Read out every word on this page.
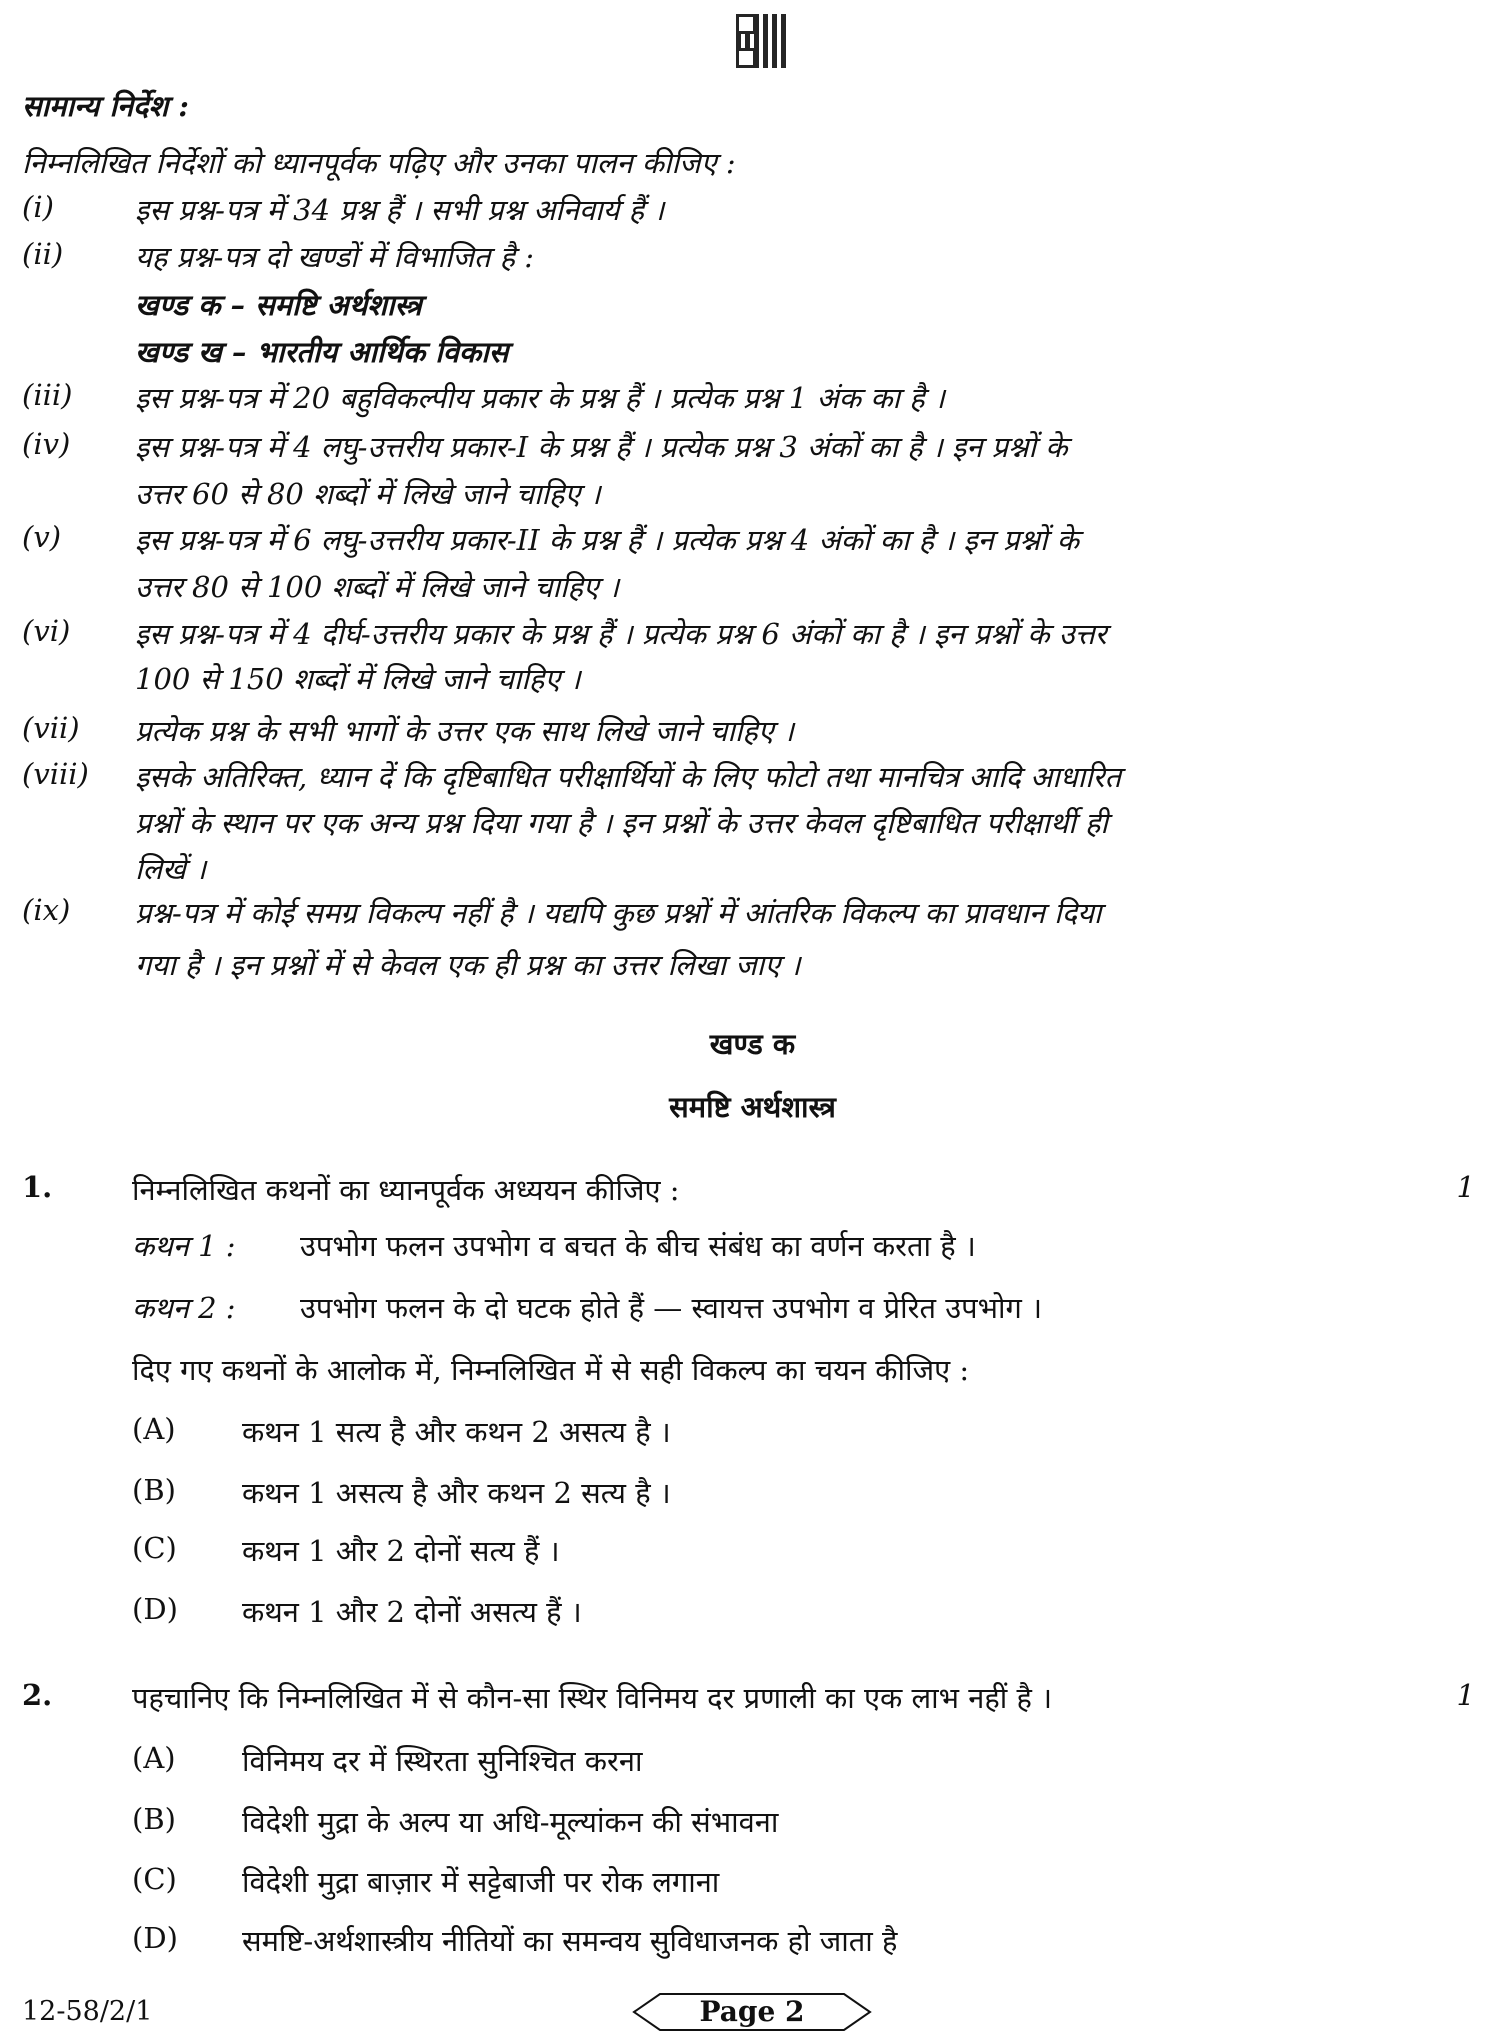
सामान्य निर्देश :
निम्नलिखित निर्देशों को ध्यानपूर्वक पढ़िए और उनका पालन कीजिए :
(i)	इस प्रश्न-पत्र में 34 प्रश्न हैं । सभी प्रश्न अनिवार्य हैं ।
(ii) यह प्रश्न-पत्र दो खण्डों में विभाजित है :
खण्ड क – समष्टि अर्थशास्त्र
खण्ड ख – भारतीय आर्थिक विकास
(iii) इस प्रश्न-पत्र में 20 बहुविकल्पीय प्रकार के प्रश्न हैं । प्रत्येक प्रश्न 1 अंक का है ।
(iv) इस प्रश्न-पत्र में 4 लघु-उत्तरीय प्रकार-I के प्रश्न हैं । प्रत्येक प्रश्न 3 अंकों का है । इन प्रश्नों के
उत्तर 60 से 80 शब्दों में लिखे जाने चाहिए ।
(v)	इस प्रश्न-पत्र में 6 लघु-उत्तरीय प्रकार-II के प्रश्न हैं । प्रत्येक प्रश्न 4 अंकों का है । इन प्रश्नों के
उत्तर 80 से 100 शब्दों में लिखे जाने चाहिए ।
(vi) इस प्रश्न-पत्र में 4 दीर्घ-उत्तरीय प्रकार के प्रश्न हैं । प्रत्येक प्रश्न 6 अंकों का है । इन प्रश्नों के उत्तर
100 से 150 शब्दों में लिखे जाने चाहिए ।
(vii) प्रत्येक प्रश्न के सभी भागों के उत्तर एक साथ लिखे जाने चाहिए ।
(viii) इसके अतिरिक्त, ध्यान दें कि दृष्टिबाधित परीक्षार्थियों के लिए फोटो तथा मानचित्र आदि आधारित
प्रश्नों के स्थान पर एक अन्य प्रश्न दिया गया है । इन प्रश्नों के उत्तर केवल दृष्टिबाधित परीक्षार्थी ही
लिखें ।
(ix) प्रश्न-पत्र में कोई समग्र विकल्प नहीं है । यद्यपि कुछ प्रश्नों में आंतरिक विकल्प का प्रावधान दिया
गया है । इन प्रश्नों में से केवल एक ही प्रश्न का उत्तर लिखा जाए ।
खण्ड क
समष्टि अर्थशास्त्र
1.	निम्नलिखित कथनों का ध्यानपूर्वक अध्ययन कीजिए :	1
कथन 1 : उपभोग फलन उपभोग व बचत के बीच संबंध का वर्णन करता है ।
कथन 2 : उपभोग फलन के दो घटक होते हैं — स्वायत्त उपभोग व प्रेरित उपभोग ।
दिए गए कथनों के आलोक में, निम्नलिखित में से सही विकल्प का चयन कीजिए :
(A) कथन 1 सत्य है और कथन 2 असत्य है ।
(B) कथन 1 असत्य है और कथन 2 सत्य है ।
(C) कथन 1 और 2 दोनों सत्य हैं ।
(D) कथन 1 और 2 दोनों असत्य हैं ।
2.	पहचानिए कि निम्नलिखित में से कौन-सा स्थिर विनिमय दर प्रणाली का एक लाभ नहीं है ।	1
(A) विनिमय दर में स्थिरता सुनिश्चित करना
(B) विदेशी मुद्रा के अल्प या अधि-मूल्यांकन की संभावना
(C) विदेशी मुद्रा बाज़ार में सट्टेबाजी पर रोक लगाना
(D) समष्टि-अर्थशास्त्रीय नीतियों का समन्वय सुविधाजनक हो जाता है
12-58/2/1	Page 2
